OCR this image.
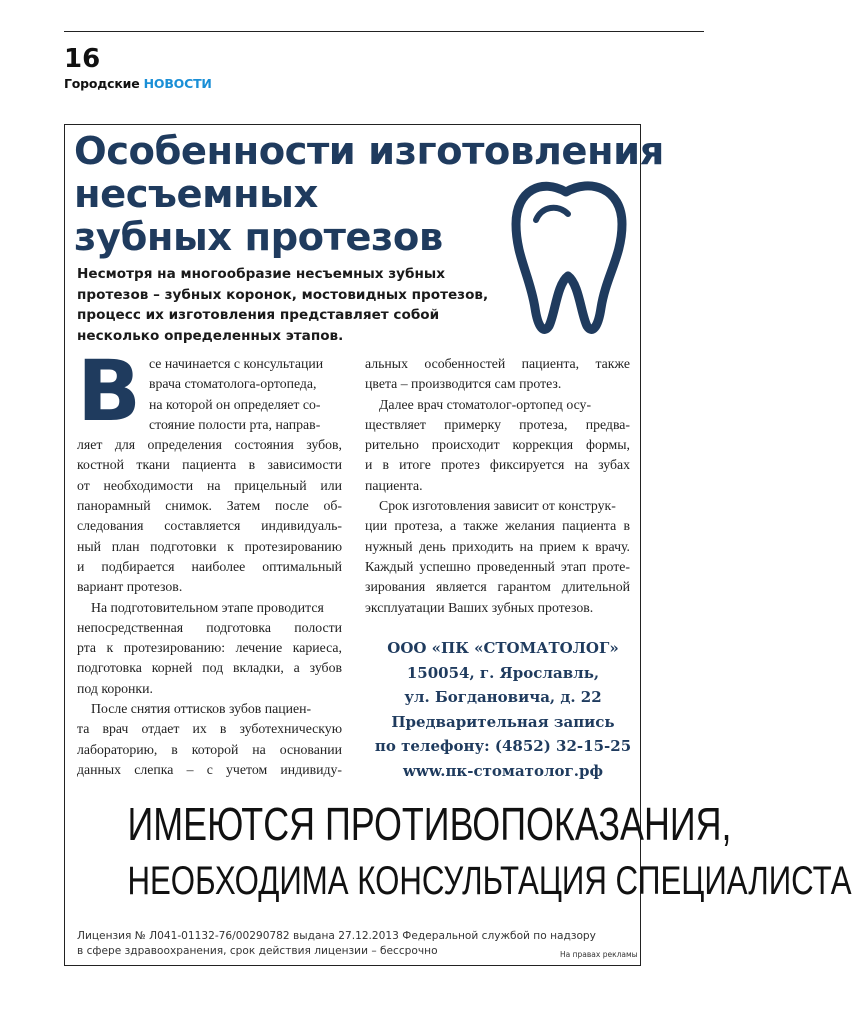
16
Городские НОВОСТИ
Особенности изготовления
несъемных
зубных протезов

Несмотря на многообразие несъемных зубных
протезов – зубных коронок, мостовидных протезов,
процесс их изготовления представляет собой
несколько определенных этапов.

В се начинается с консультации
врача стоматолога-ортопеда,
на которой он определяет со-
стояние полости рта, направ-
ляет для определения состояния зубов,
костной ткани пациента в зависимости
от необходимости на прицельный или
панорамный снимок. Затем после об-
следования составляется индивидуаль-
ный план подготовки к протезированию
и подбирается наиболее оптимальный
вариант протезов.
На подготовительном этапе проводится
непосредственная подготовка полости
рта к протезированию: лечение кариеса,
подготовка корней под вкладки, а зубов
под коронки.
После снятия оттисков зубов пациен-
та врач отдает их в зуботехническую
лабораторию, в которой на основании
данных слепка – с учетом индивиду-
альных особенностей пациента, также
цвета – производится сам протез.
Далее врач стоматолог-ортопед осу-
ществляет примерку протеза, предва-
рительно происходит коррекция формы,
и в итоге протез фиксируется на зубах
пациента.
Срок изготовления зависит от конструк-
ции протеза, а также желания пациента в
нужный день приходить на прием к врачу.
Каждый успешно проведенный этап проте-
зирования является гарантом длительной
эксплуатации Ваших зубных протезов.
ООО «ПК «СТОМАТОЛОГ»
150054, г. Ярославль,
ул. Богдановича, д. 22
Предварительная запись
по телефону: (4852) 32-15-25
www.пк-стоматолог.рф
ИМЕЮТСЯ ПРОТИВОПОКАЗАНИЯ,
НЕОБХОДИМА КОНСУЛЬТАЦИЯ СПЕЦИАЛИСТА
Лицензия № Л041-01132-76/00290782 выдана 27.12.2013 Федеральной службой по надзору
в сфере здравоохранения, срок действия лицензии – бессрочно	На правах рекламы
